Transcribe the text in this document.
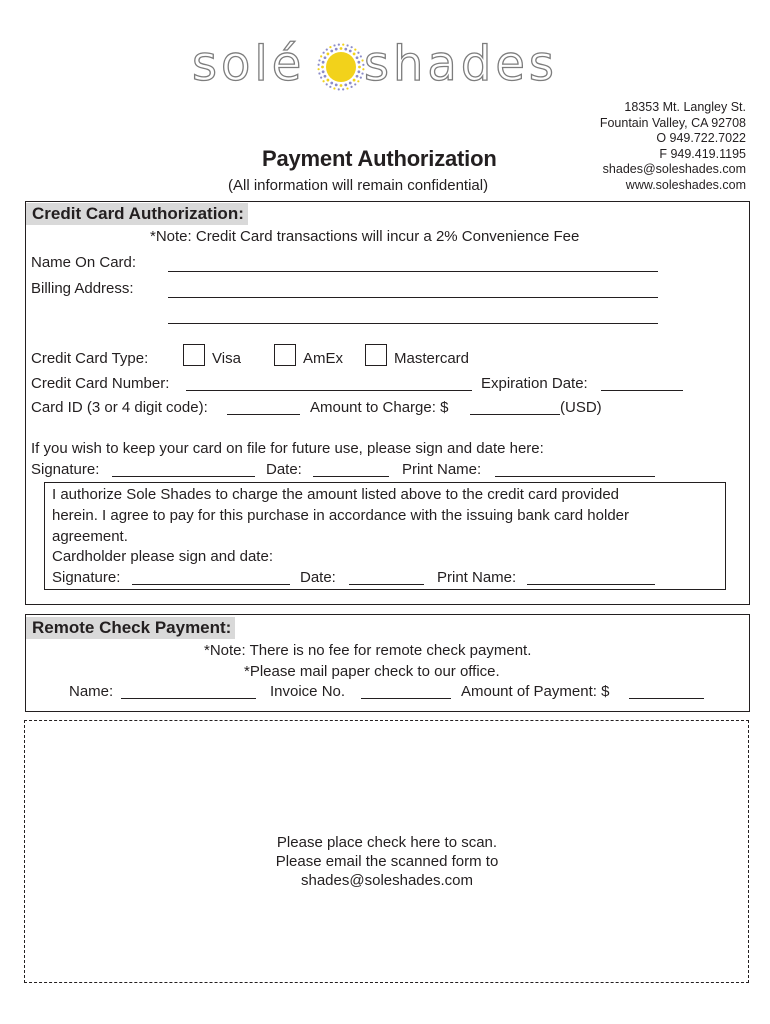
solé shades
18353 Mt. Langley St.
Fountain Valley, CA 92708
O 949.722.7022
F 949.419.1195
shades@soleshades.com
www.soleshades.com
Payment Authorization
(All information will remain confidential)
Credit Card Authorization:
*Note: Credit Card transactions will incur a 2% Convenience Fee
Name On Card:
Billing Address:
Credit Card Type:	Visa	AmEx	Mastercard
Credit Card Number:	Expiration Date:
Card ID (3 or 4 digit code):	Amount to Charge: $	(USD)
If you wish to keep your card on file for future use, please sign and date here:
Signature:	Date:	Print Name:
I authorize Sole Shades to charge the amount listed above to the credit card provided
herein. I agree to pay for this purchase in accordance with the issuing bank card holder
agreement.
Cardholder please sign and date:
Signature:	Date:	Print Name:
Remote Check Payment:
*Note: There is no fee for remote check payment.
*Please mail paper check to our office.
Name:	Invoice No.	Amount of Payment: $
Please place check here to scan.
Please email the scanned form to
shades@soleshades.com
